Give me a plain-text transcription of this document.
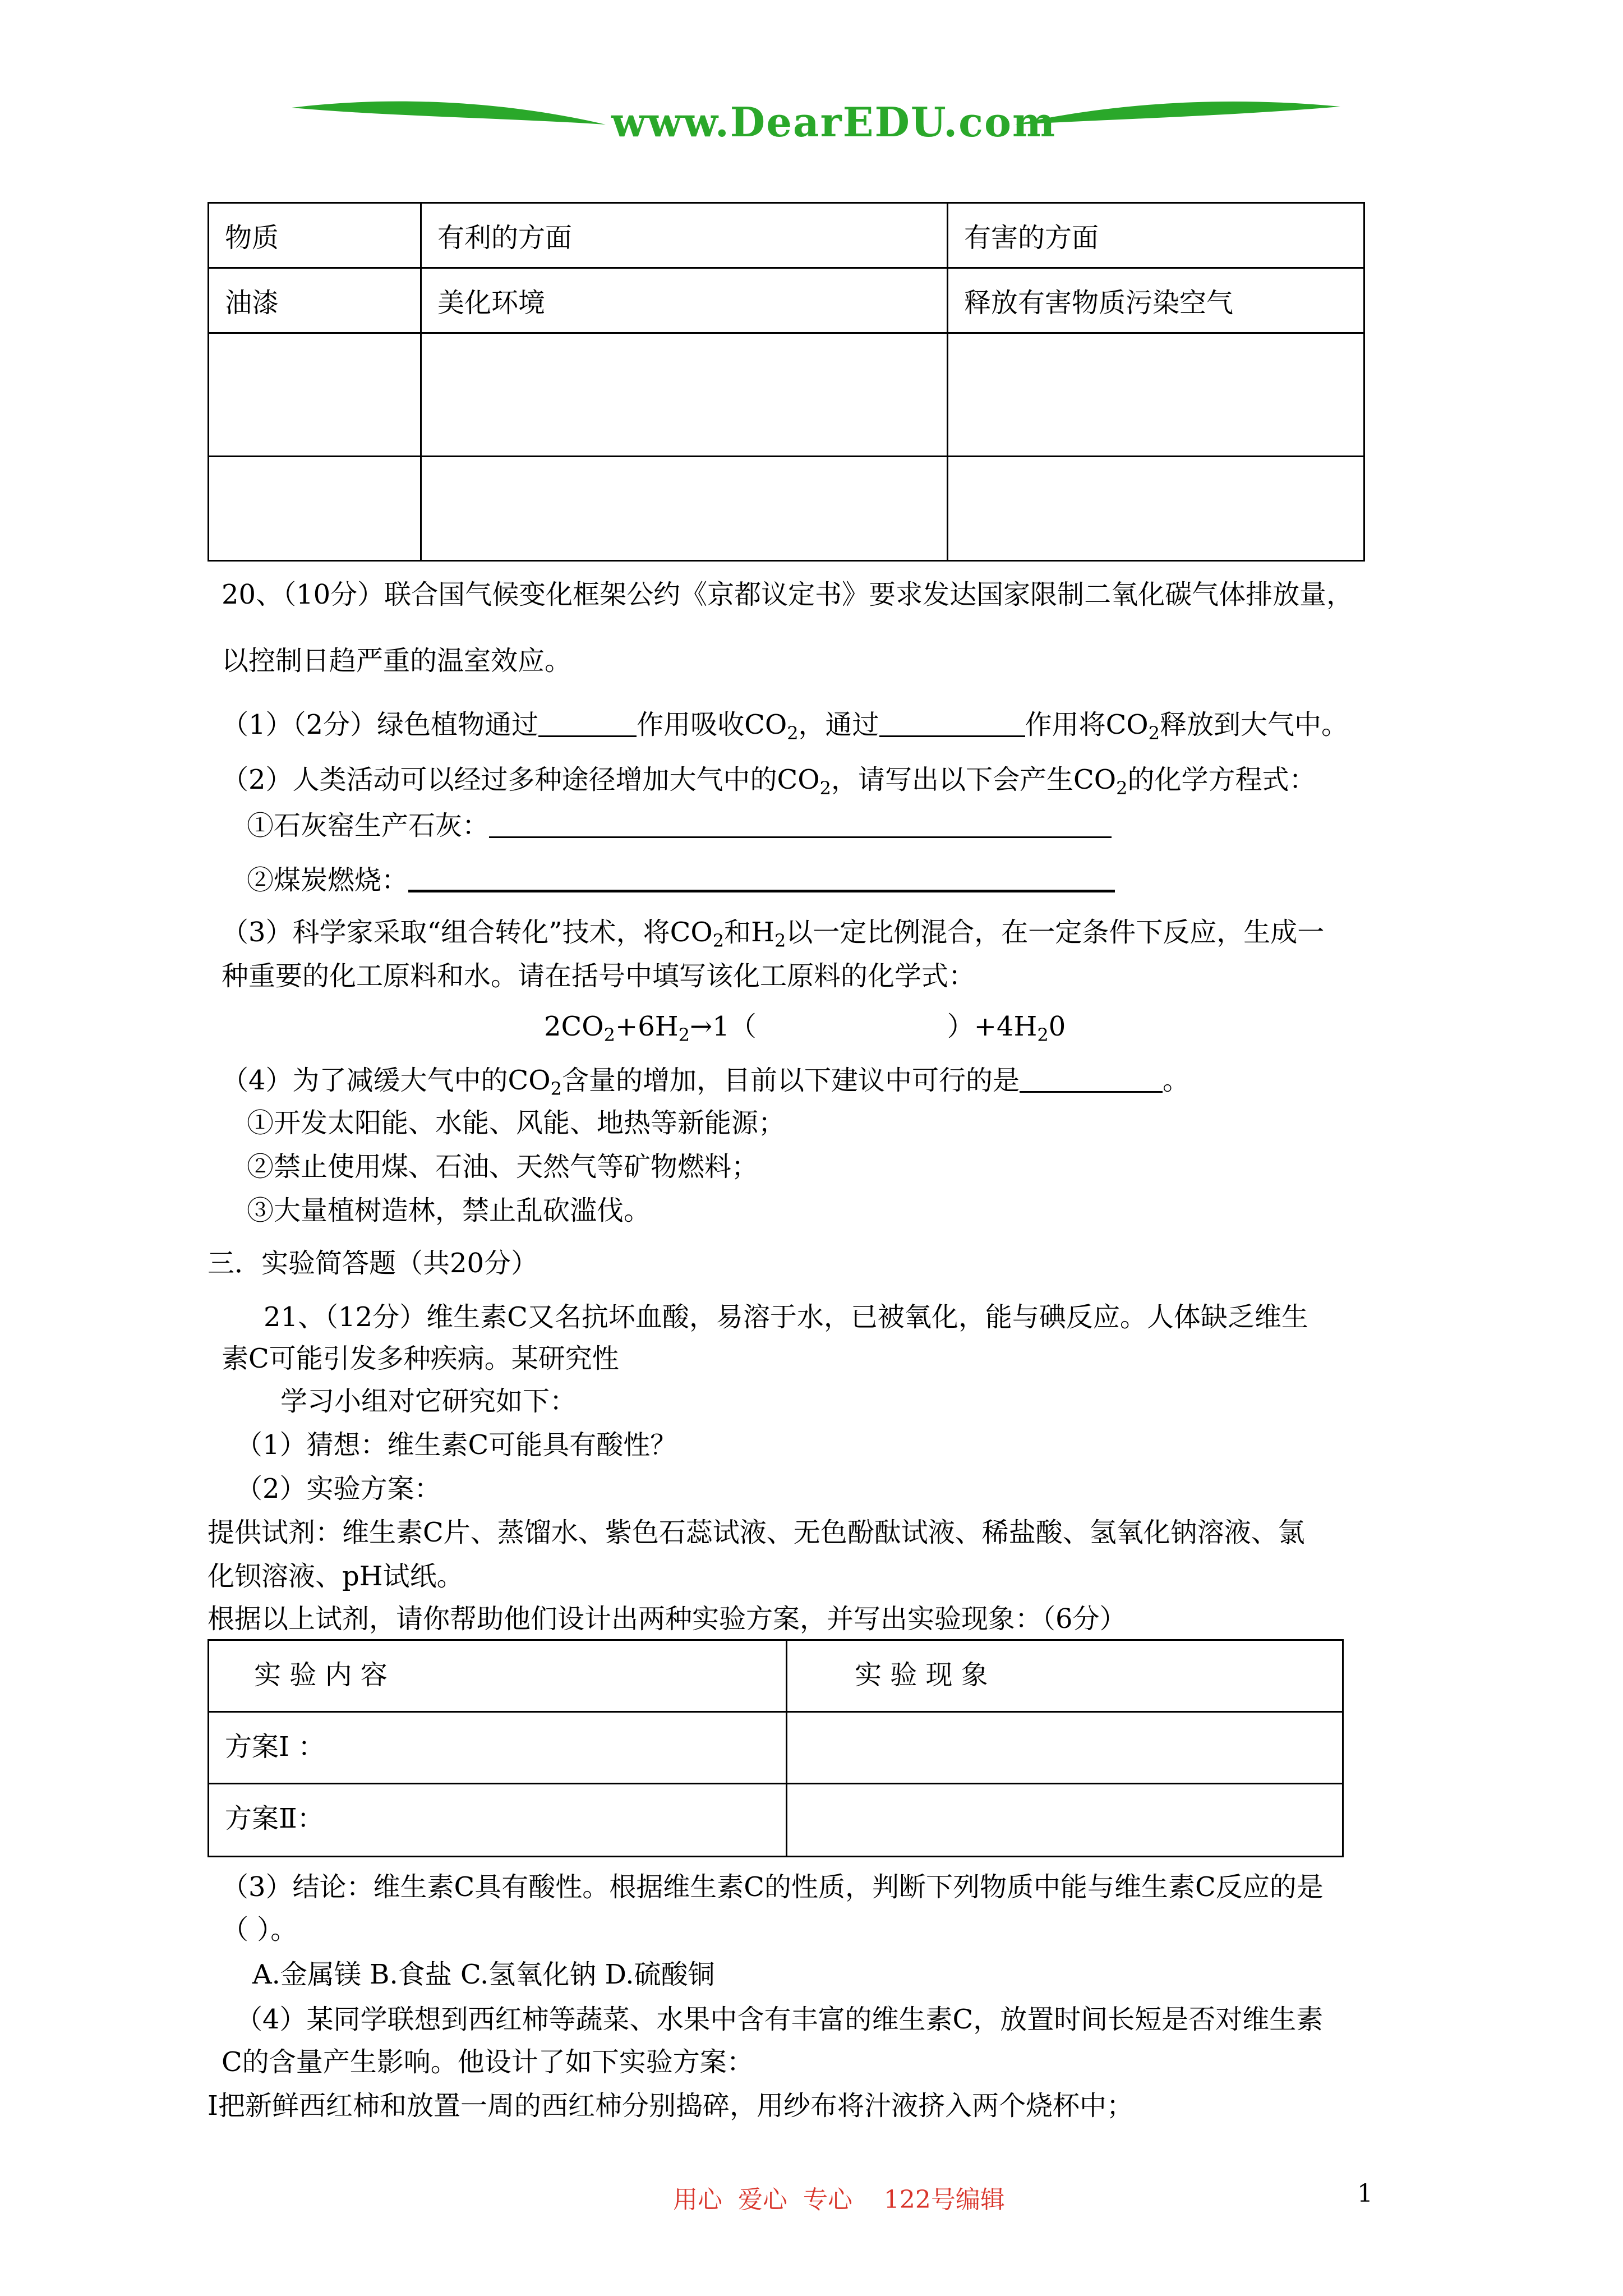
www.DearEDU.com
物质	有利的方面	有害的方面
油漆	美化环境	释放有害物质污染空气

20、（10分）联合国气候变化框架公约《京都议定书》要求发达国家限制二氧化碳气体排放量，
以控制日趋严重的温室效应。
（1）（2分）绿色植物通过	作用吸收$CO_2$，通过	作用将$CO_2$释放到大气中。
（2）人类活动可以经过多种途径增加大气中的$CO_2$，请写出以下会产生$CO_2$的化学方程式：
①石灰窑生产石灰：
②煤炭燃烧：
（3）科学家采取“组合转化”技术，将$CO_2$和$H_2$以一定比例混合，在一定条件下反应，生成一
种重要的化工原料和水。请在括号中填写该化工原料的化学式：
$2CO_2+6H_2\to 1$（	）$+4H_20$
（4）为了减缓大气中的$CO_2$含量的增加，目前以下建议中可行的是	。
①开发太阳能、水能、风能、地热等新能源；
②禁止使用煤、石油、天然气等矿物燃料；
③大量植树造林，禁止乱砍滥伐。
三．实验简答题（共20分）
21、（12分）维生素C又名抗坏血酸，易溶于水，已被氧化，能与碘反应。人体缺乏维生
素C可能引发多种疾病。某研究性
学习小组对它研究如下：
（1）猜想：维生素C可能具有酸性？
（2）实验方案：
提供试剂：维生素C片、蒸馏水、紫色石蕊试液、无色酚酞试液、稀盐酸、氢氧化钠溶液、氯
化钡溶液、pH试纸。
根据以上试剂，请你帮助他们设计出两种实验方案，并写出实验现象：（6分）
实 验 内 容	实 验 现 象
方案Ⅰ ：	
方案Ⅱ：	
（3）结论：维生素C具有酸性。根据维生素C的性质，判断下列物质中能与维生素C反应的是
（ ）。
A.金属镁 B.食盐 C.氢氧化钠 D.硫酸铜
（4）某同学联想到西红柿等蔬菜、水果中含有丰富的维生素C，放置时间长短是否对维生素
C的含量产生影响。他设计了如下实验方案：
Ⅰ把新鲜西红柿和放置一周的西红柿分别捣碎，用纱布将汁液挤入两个烧杯中；
用心  爱心  专心    122号编辑	1
